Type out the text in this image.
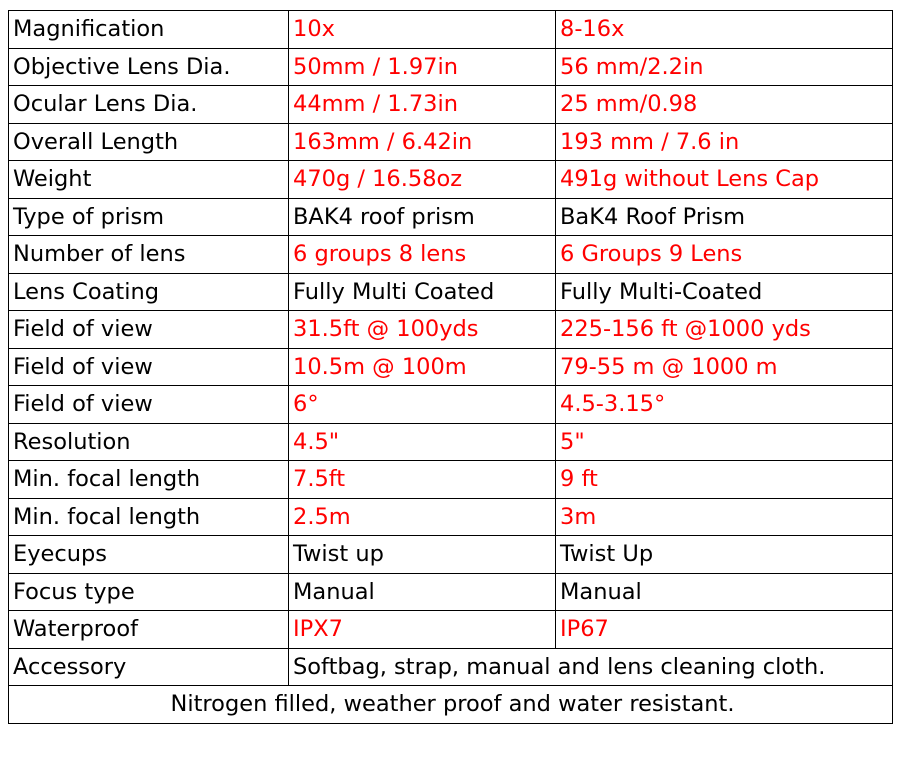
Magnification	10x	8-16x
Objective Lens Dia.	50mm / 1.97in	56 mm/2.2in
Ocular Lens Dia.	44mm / 1.73in	25 mm/0.98
Overall Length	163mm / 6.42in	193 mm / 7.6 in
Weight	470g / 16.58oz	491g without Lens Cap
Type of prism	BAK4 roof prism	BaK4 Roof Prism
Number of lens	6 groups 8 lens	6 Groups 9 Lens
Lens Coating	Fully Multi Coated	Fully Multi-Coated
Field of view	31.5ft @ 100yds	225-156 ft @1000 yds
Field of view	10.5m @ 100m	79-55 m @ 1000 m
Field of view	6°	4.5-3.15°
Resolution	4.5"	5"
Min. focal length	7.5ft	9 ft
Min. focal length	2.5m	3m
Eyecups	Twist up	Twist Up
Focus type	Manual	Manual
Waterproof	IPX7	IP67
Accessory	Softbag, strap, manual and lens cleaning cloth.	
Nitrogen filled, weather proof and water resistant.		
